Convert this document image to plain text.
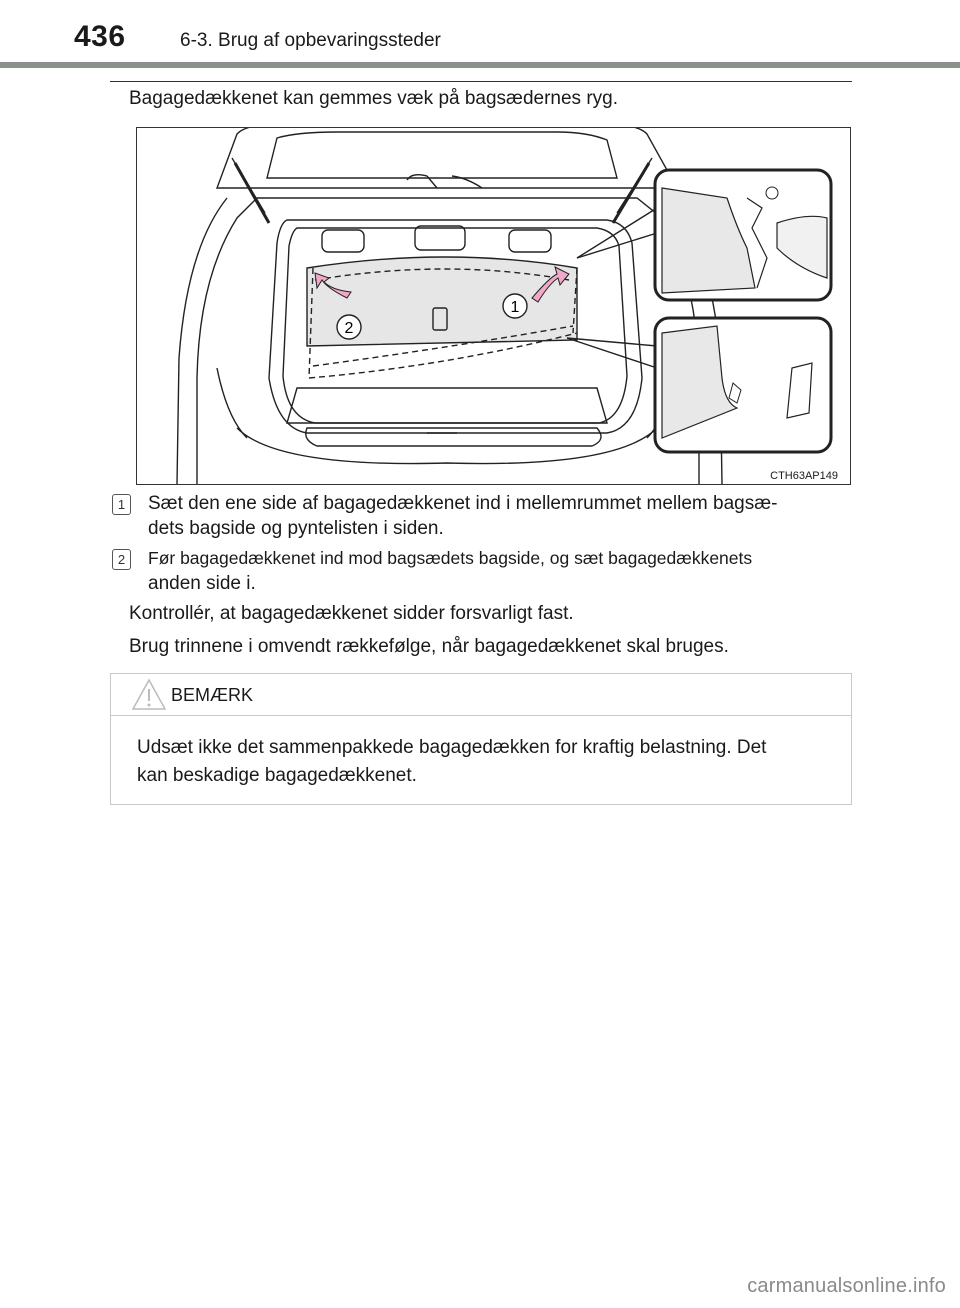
436	6-3. Brug af opbevaringssteder
Bagagedækkenet kan gemmes væk på bagsædernes ryg.
1
2
CTH63AP149
1	Sæt den ene side af bagagedækkenet ind i mellemrummet mellem bagsæ-
dets bagside og pyntelisten i siden.
2	Før bagagedækkenet ind mod bagsædets bagside, og sæt bagagedækkenets
anden side i.
Kontrollér, at bagagedækkenet sidder forsvarligt fast.
Brug trinnene i omvendt rækkefølge, når bagagedækkenet skal bruges.
BEMÆRK
Udsæt ikke det sammenpakkede bagagedækken for kraftig belastning. Det
kan beskadige bagagedækkenet.
carmanualsonline.info
